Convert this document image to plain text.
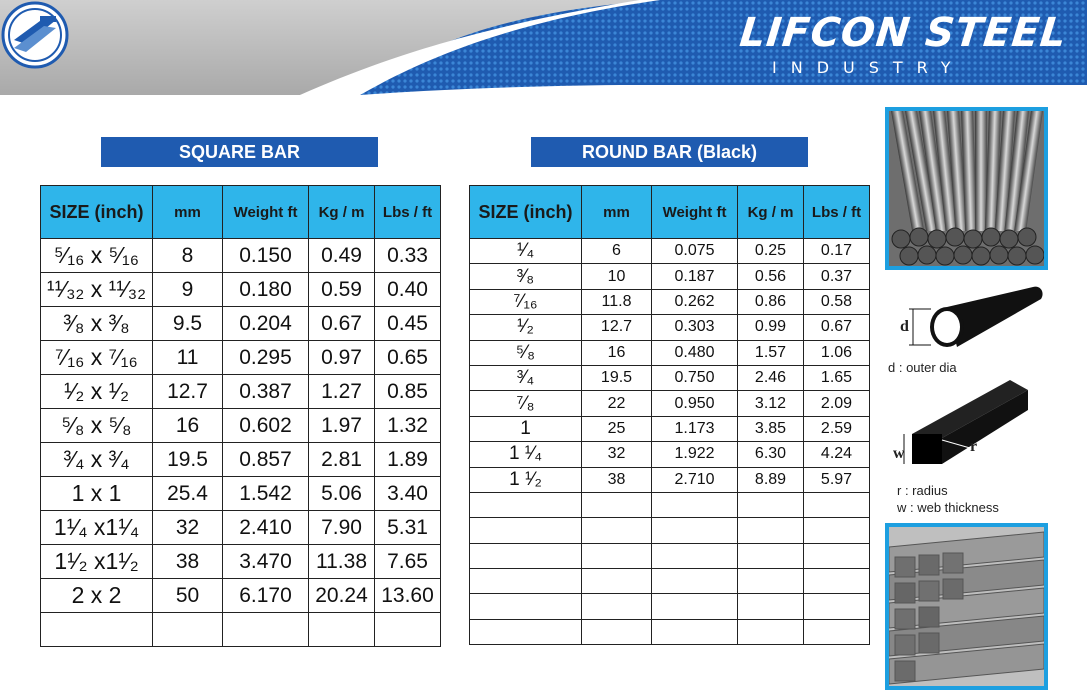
LIFCON STEEL
INDUSTRY
SQUARE BAR
SIZE (inch)	mm	Weight ft	Kg / m	Lbs / ft
⁵⁄₁₆ x ⁵⁄₁₆	8	0.150	0.49	0.33
¹¹⁄₃₂ x ¹¹⁄₃₂	9	0.180	0.59	0.40
³⁄₈ x ³⁄₈	9.5	0.204	0.67	0.45
⁷⁄₁₆ x ⁷⁄₁₆	11	0.295	0.97	0.65
¹⁄₂ x ¹⁄₂	12.7	0.387	1.27	0.85
⁵⁄₈ x ⁵⁄₈	16	0.602	1.97	1.32
³⁄₄ x ³⁄₄	19.5	0.857	2.81	1.89
1 x 1	25.4	1.542	5.06	3.40
1¹⁄₄ x1¹⁄₄	32	2.410	7.90	5.31
1¹⁄₂ x1¹⁄₂	38	3.470	11.38	7.65
2 x 2	50	6.170	20.24	13.60

ROUND BAR (Black)
SIZE (inch)	mm	Weight ft	Kg / m	Lbs / ft
¹⁄₄	6	0.075	0.25	0.17
³⁄₈	10	0.187	0.56	0.37
⁷⁄₁₆	11.8	0.262	0.86	0.58
¹⁄₂	12.7	0.303	0.99	0.67
⁵⁄₈	16	0.480	1.57	1.06
³⁄₄	19.5	0.750	2.46	1.65
⁷⁄₈	22	0.950	3.12	2.09
1	25	1.173	3.85	2.59
1 ¹⁄₄	32	1.922	6.30	4.24
1 ¹⁄₂	38	2.710	8.89	5.97

d
d : outer dia
r
w
r : radius
w : web thickness
